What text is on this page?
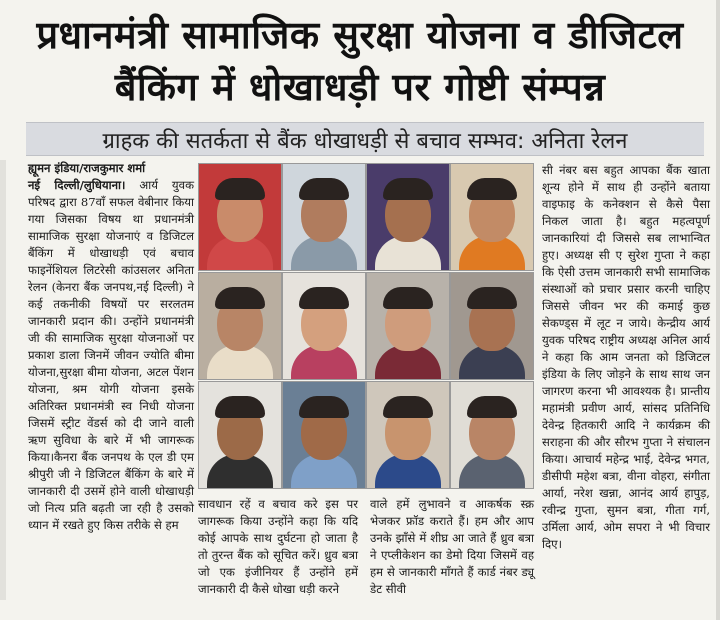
प्रधानमंत्री सामाजिक सुरक्षा योजना व डीजिटल
बैंकिंग में धोखाधड़ी पर गोष्टी संम्पन्न
ग्राहक की सतर्कता से बैंक धोखाधड़ी से बचाव सम्भव: अनिता रेलन
ह्यूमन इंडिया/राजकुमार शर्मा
नई दिल्ली/लुधियाना। आर्य युवक परिषद द्वारा 87वाँ सफल वेबीनार किया गया जिसका विषय था प्रधानमंत्री सामाजिक सुरक्षा योजनाएं व डिजिटल बैंकिंग में धोखाधड़ी एवं बचाव फाइनेंशियल लिटरेसी कांउसलर अनिता रेलन (केनरा बैंक जनपथ,नई दिल्ली) ने कई तकनीकी विषयों पर सरलतम जानकारी प्रदान की। उन्होंने प्रधानमंत्री जी की सामाजिक सुरक्षा योजनाओं पर प्रकाश डाला जिनमें जीवन ज्योति बीमा योजना,सुरक्षा बीमा योजना, अटल पेंशन योजना, श्रम योगी योजना इसके अतिरिक्त प्रधानमंत्री स्व निधी योजना जिसमें स्ट्रीट वेंडर्स को दी जाने वाली ऋण सुविधा के बारे में भी जागरूक किया।कैनरा बैंक जनपथ के एल डी एम श्रीपुरी जी ने डिजिटल बैंकिंग के बारे में जानकारी दी उसमें होने वाली धोखाधड़ी जो नित्य प्रति बढ़ती जा रही है उसको ध्यान में रखते हुए किस तरीके से हम
सावधान रहें व बचाव करे इस पर जागरूक किया उन्होंने कहा कि यदि कोई आपके साथ दुर्घटना हो जाता है तो तुरन्त बैंक को सूचित करें। ध्रुव बत्रा जो एक इंजीनियर हैं उन्होंने हमें जानकारी दी कैसे धोखा धड़ी करने
वाले हमें लुभावने व आकर्षक स्क्र भेजकर फ्रॉड कराते हैं। हम और आप उनके झाँसे में शीघ्र आ जाते हैं ध्रुव बत्रा ने एप्लीकेशन का डेमो दिया जिसमें वह हम से जानकारी माँगते हैं कार्ड नंबर ड्यू डेट सीवी
सी नंबर बस बहुत आपका बैंक खाता शून्य होने में साथ ही उन्होंने बताया वाइफाइ के कनेक्शन से कैसे पैसा निकल जाता है। बहुत महत्वपूर्ण जानकारियां दी जिससे सब लाभान्वित हुए। अध्यक्ष सी ए सुरेश गुप्ता ने कहा कि ऐसी उत्तम जानकारी सभी सामाजिक संस्थाओं को प्रचार प्रसार करनी चाहिए जिससे जीवन भर की कमाई कुछ सेकण्ड्स में लूट न जाये। केन्द्रीय आर्य युवक परिषद राष्ट्रीय अध्यक्ष अनिल आर्य ने कहा कि आम जनता को डिजिटल इंडिया के लिए जोड़ने के साथ साथ जन जागरण करना भी आवश्यक है। प्रान्तीय महामंत्री प्रवीण आर्य, सांसद प्रतिनिधि देवेन्द्र हितकारी आदि ने कार्यक्रम की सराहना की और सौरभ गुप्ता ने संचालन किया। आचार्य महेन्द्र भाई, देवेन्द्र भगत, डीसीपी महेश बत्रा, वीना वोहरा, संगीता आर्या, नरेश खन्ना, आनंद आर्य हापुड़, रवीन्द्र गुप्ता, सुमन बत्रा, गीता गर्ग, उर्मिला आर्य, ओम सपरा ने भी विचार दिए।
